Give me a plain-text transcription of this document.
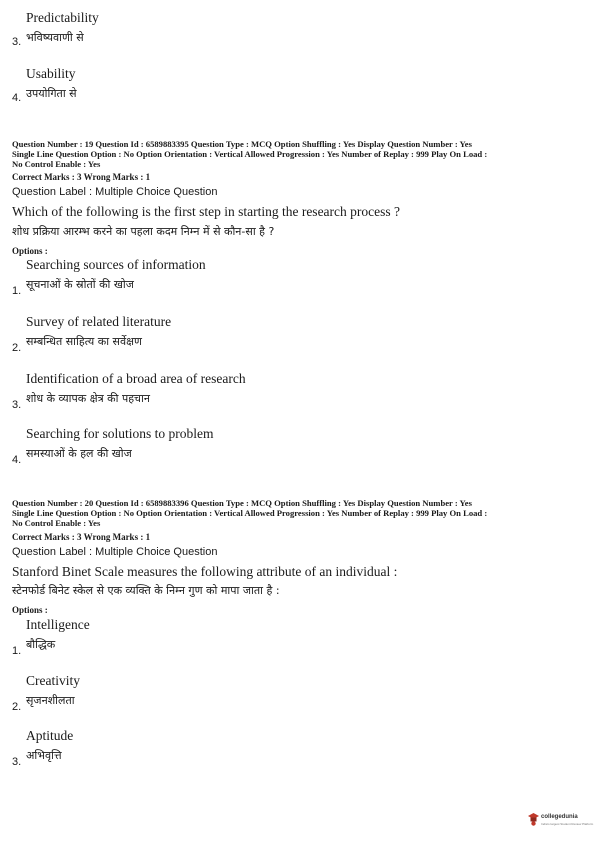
Predictability
3. भविष्यवाणी से
Usability
4. उपयोगिता से
Question Number : 19 Question Id : 6589883395 Question Type : MCQ Option Shuffling : Yes Display Question Number : Yes
Single Line Question Option : No Option Orientation : Vertical Allowed Progression : Yes Number of Replay : 999 Play On Load :
No Control Enable : Yes
Correct Marks : 3 Wrong Marks : 1
Question Label : Multiple Choice Question
Which of the following is the first step in starting the research process ?
शोध प्रक्रिया आरम्भ करने का पहला कदम निम्न में से कौन-सा है ?
Options :
Searching sources of information
1. सूचनाओं के स्रोतों की खोज
Survey of related literature
2. सम्बन्धित साहित्य का सर्वेक्षण
Identification of a broad area of research
3. शोध के व्यापक क्षेत्र की पहचान
Searching for solutions to problem
4. समस्याओं के हल की खोज
Question Number : 20 Question Id : 6589883396 Question Type : MCQ Option Shuffling : Yes Display Question Number : Yes
Single Line Question Option : No Option Orientation : Vertical Allowed Progression : Yes Number of Replay : 999 Play On Load :
No Control Enable : Yes
Correct Marks : 3 Wrong Marks : 1
Question Label : Multiple Choice Question
Stanford Binet Scale measures the following attribute of an individual :
स्टेनफोर्ड बिनेट स्केल से एक व्यक्ति के निम्न गुण को मापा जाता है :
Options :
Intelligence
1. बौद्धिक
Creativity
2. सृजनशीलता
Aptitude
3. अभिवृत्ति
collegedunia
India's largest Student Review Platform
